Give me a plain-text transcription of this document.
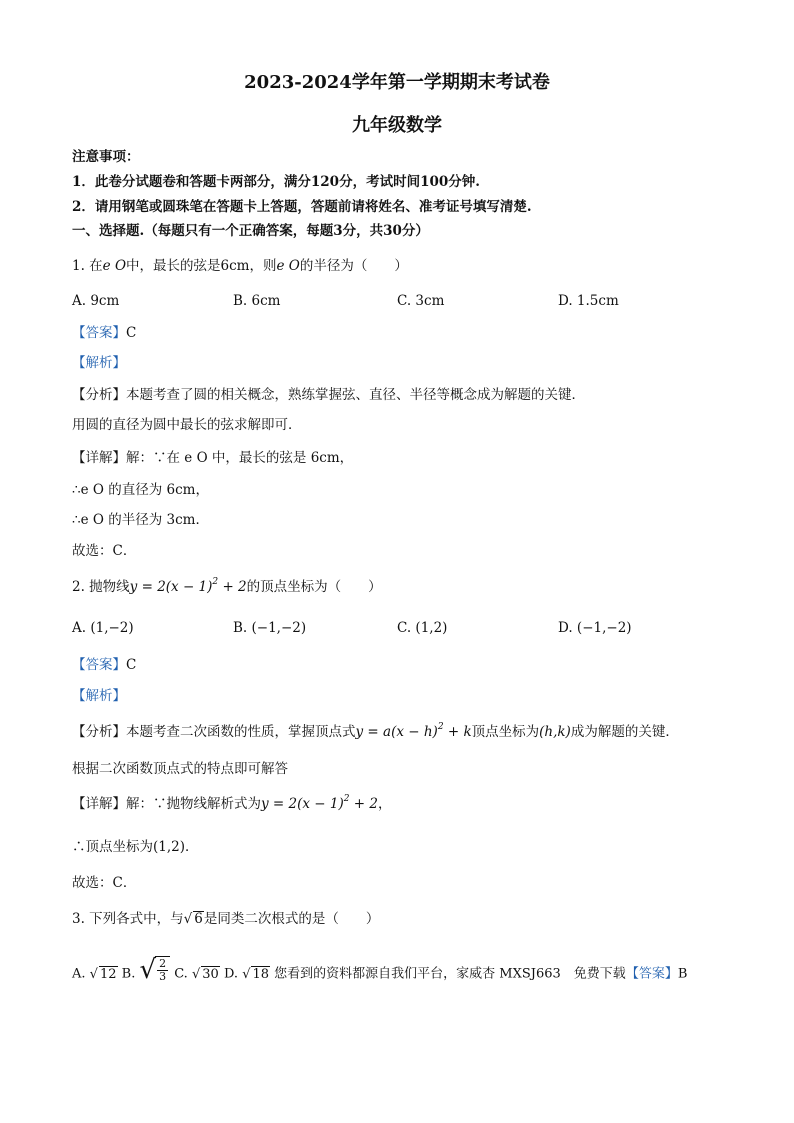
2023-2024学年第一学期期末考试卷
九年级数学
注意事项：
1．此卷分试题卷和答题卡两部分，满分120分，考试时间100分钟.
2．请用钢笔或圆珠笔在答题卡上答题，答题前请将姓名、准考证号填写清楚.
一、选择题.（每题只有一个正确答案，每题3分，共30分）
1. 在e O中，最长的弦是6cm，则e O的半径为（　　）
A. 9cm	B. 6cm	C. 3cm	D. 1.5cm
【答案】C
【解析】
【分析】本题考查了圆的相关概念，熟练掌握弦、直径、半径等概念成为解题的关键．
用圆的直径为圆中最长的弦求解即可．
【详解】解：∵在 e O 中，最长的弦是 6cm，
∴e O 的直径为 6cm，
∴e O 的半径为 3cm．
故选：C．
2. 抛物线$y = 2(x - 1)^2 + 2$的顶点坐标为（　　）
A. (1,−2)	B. (−1,−2)	C. (1,2)	D. (−1,−2)
【答案】C
【解析】
【分析】本题考查二次函数的性质，掌握顶点式$y = a(x - h)^2 + k$顶点坐标为(h,k)成为解题的关键．
根据二次函数顶点式的特点即可解答
【详解】解：∵抛物线解析式为$y = 2(x - 1)^2 + 2$，
∴顶点坐标为(1,2)．
故选：C．
3. 下列各式中，与√ 6是同类二次根式的是（　　）
A. √ 12 B. √ $\frac{2}{3} C$. √ 30 D. √ 18 您看到的资料都源自我们平台，家威杏 MXSJ663　免费下载【答案】B
